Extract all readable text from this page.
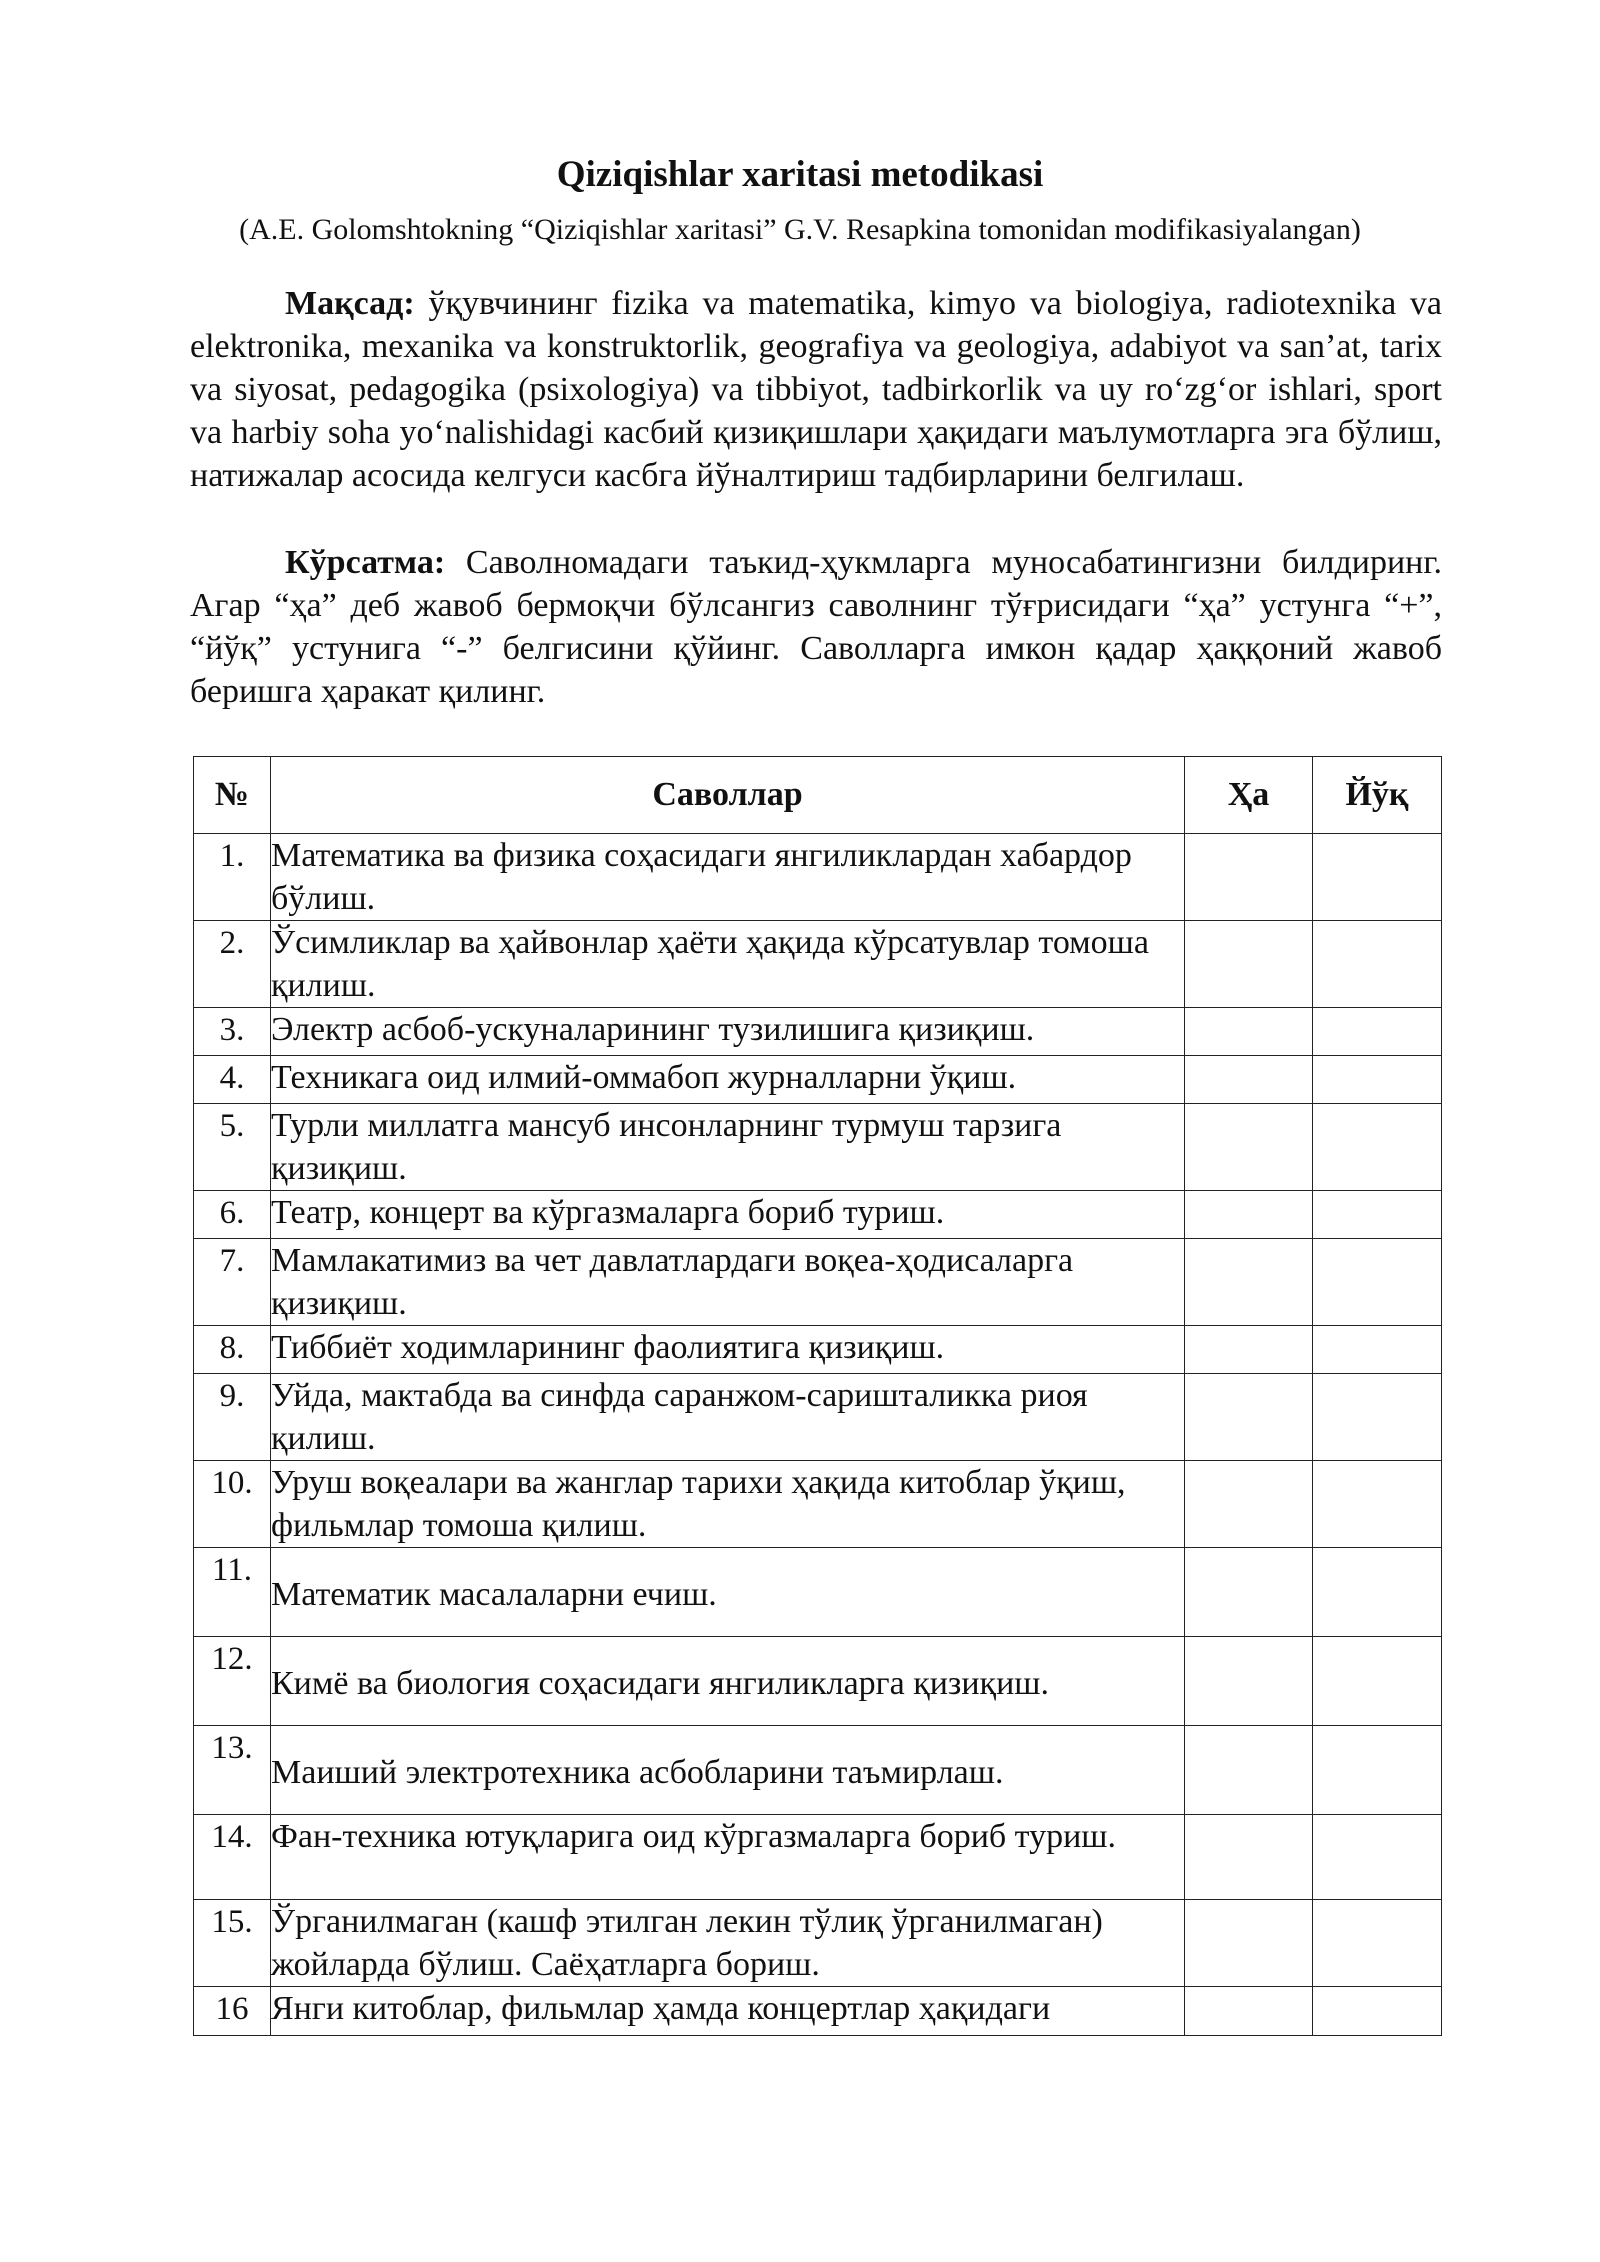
Qiziqishlar xaritasi metodikasi
(A.E. Golomshtokning “Qiziqishlar xaritasi” G.V. Resapkina tomonidan modifikasiyalangan)

Мақсад: ўқувчининг fizika va matematika, kimyo va biologiya, radiotexnika va elektronika, mexanika va konstruktorlik, geografiya va geologiya, adabiyot va san’at, tarix va siyosat, pedagogika (psixologiya) va tibbiyot, tadbirkorlik va uy ro‘zg‘or ishlari, sport va harbiy soha yo‘nalishidagi касбий қизиқишлари ҳақидаги маълумотларга эга бўлиш, натижалар асосида келгуси касбга йўналтириш тадбирларини белгилаш.

Кўрсатма: Саволномадаги таъкид-ҳукмларга муносабатингизни билдиринг. Агар “ҳа” деб жавоб бермоқчи бўлсангиз саволнинг тўғрисидаги “ҳа” устунга “+”, “йўқ” устунига “-” белгисини қўйинг. Саволларга имкон қадар ҳаққоний жавоб беришга ҳаракат қилинг.

№	Саволлар	Ҳа	Йўқ
1.	Математика ва физика соҳасидаги янгиликлардан хабардор бўлиш.		
2.	Ўсимликлар ва ҳайвонлар ҳаёти ҳақида кўрсатувлар томоша қилиш.		
3.	Электр асбоб-ускуналарининг тузилишига қизиқиш.		
4.	Техникага оид илмий-оммабоп журналларни ўқиш.		
5.	Турли миллатга мансуб инсонларнинг турмуш тарзига қизиқиш.		
6.	Театр, концерт ва кўргазмаларга бориб туриш.		
7.	Мамлакатимиз ва чет давлатлардаги воқеа-ҳодисаларга қизиқиш.		
8.	Тиббиёт ходимларининг фаолиятига қизиқиш.		
9.	Уйда, мактабда ва синфда саранжом-саришталикка риоя қилиш.		
10.	Уруш воқеалари ва жанглар тарихи ҳақида китоблар ўқиш, фильмлар томоша қилиш.		
11.	Математик масалаларни ечиш.		
12.	Кимё ва биология соҳасидаги янгиликларга қизиқиш.		
13.	Маиший электротехника асбобларини таъмирлаш.		
14.	Фан-техника ютуқларига оид кўргазмаларга бориб туриш.		
15.	Ўрганилмаган (кашф этилган лекин тўлиқ ўрганилмаган) жойларда бўлиш. Саёҳатларга бориш.		
16	Янги китоблар, фильмлар ҳамда концертлар ҳақидаги		
